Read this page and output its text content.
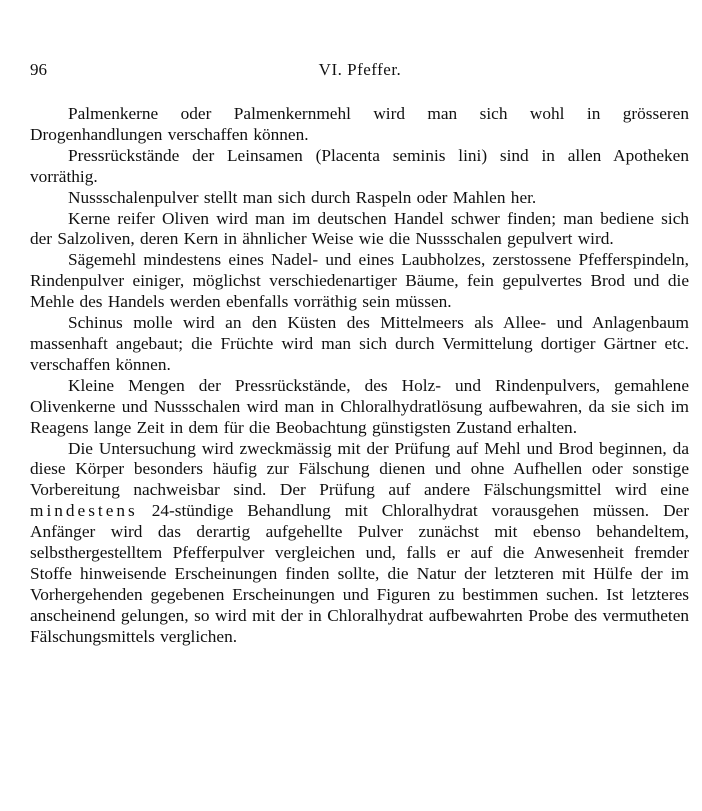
96	VI. Pfeffer.

Palmenkerne oder Palmenkernmehl wird man sich wohl in grösseren Drogenhandlungen verschaffen können.

Pressrückstände der Leinsamen (Placenta seminis lini) sind in allen Apotheken vorräthig.

Nussschalenpulver stellt man sich durch Raspeln oder Mahlen her.

Kerne reifer Oliven wird man im deutschen Handel schwer finden; man bediene sich der Salzoliven, deren Kern in ähnlicher Weise wie die Nussschalen gepulvert wird.

Sägemehl mindestens eines Nadel- und eines Laubholzes, zerstossene Pfefferspindeln, Rindenpulver einiger, möglichst verschiedenartiger Bäume, fein gepulvertes Brod und die Mehle des Handels werden ebenfalls vorräthig sein müssen.

Schinus molle wird an den Küsten des Mittelmeers als Allee- und Anlagenbaum massenhaft angebaut; die Früchte wird man sich durch Vermittelung dortiger Gärtner etc. verschaffen können.

Kleine Mengen der Pressrückstände, des Holz- und Rindenpulvers, gemahlene Olivenkerne und Nussschalen wird man in Chloralhydratlösung aufbewahren, da sie sich im Reagens lange Zeit in dem für die Beobachtung günstigsten Zustand erhalten.

Die Untersuchung wird zweckmässig mit der Prüfung auf Mehl und Brod beginnen, da diese Körper besonders häufig zur Fälschung dienen und ohne Aufhellen oder sonstige Vorbereitung nachweisbar sind. Der Prüfung auf andere Fälschungsmittel wird eine mindestens 24-stündige Behandlung mit Chloralhydrat vorausgehen müssen. Der Anfänger wird das derartig aufgehellte Pulver zunächst mit ebenso behandeltem, selbsthergestelltem Pfefferpulver vergleichen und, falls er auf die Anwesenheit fremder Stoffe hinweisende Erscheinungen finden sollte, die Natur der letzteren mit Hülfe der im Vorhergehenden gegebenen Erscheinungen und Figuren zu bestimmen suchen. Ist letzteres anscheinend gelungen, so wird mit der in Chloralhydrat aufbewahrten Probe des vermutheten Fälschungsmittels verglichen.
